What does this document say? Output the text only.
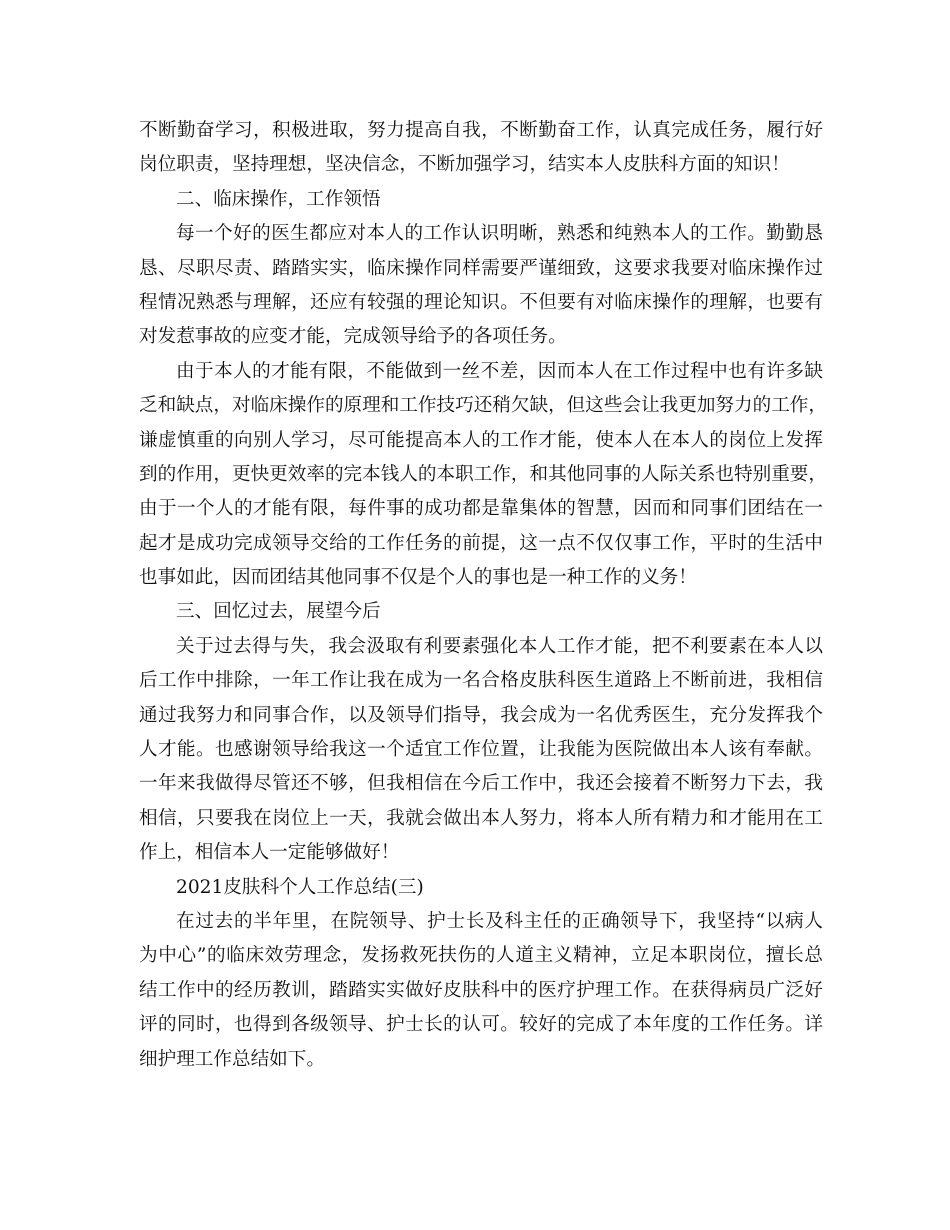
不断勤奋学习，积极进取，努力提高自我，不断勤奋工作，认真完成任务，履行好
岗位职责，坚持理想，坚决信念，不断加强学习，结实本人皮肤科方面的知识！
二、临床操作，工作领悟
每一个好的医生都应对本人的工作认识明晰，熟悉和纯熟本人的工作。勤勤恳
恳、尽职尽责、踏踏实实，临床操作同样需要严谨细致，这要求我要对临床操作过
程情况熟悉与理解，还应有较强的理论知识。不但要有对临床操作的理解，也要有
对发惹事故的应变才能，完成领导给予的各项任务。
由于本人的才能有限，不能做到一丝不差，因而本人在工作过程中也有许多缺
乏和缺点，对临床操作的原理和工作技巧还稍欠缺，但这些会让我更加努力的工作，
谦虚慎重的向别人学习，尽可能提高本人的工作才能，使本人在本人的岗位上发挥
到的作用，更快更效率的完本钱人的本职工作，和其他同事的人际关系也特别重要，
由于一个人的才能有限，每件事的成功都是靠集体的智慧，因而和同事们团结在一
起才是成功完成领导交给的工作任务的前提，这一点不仅仅事工作，平时的生活中
也事如此，因而团结其他同事不仅是个人的事也是一种工作的义务！
三、回忆过去，展望今后
关于过去得与失，我会汲取有利要素强化本人工作才能，把不利要素在本人以
后工作中排除，一年工作让我在成为一名合格皮肤科医生道路上不断前进，我相信
通过我努力和同事合作，以及领导们指导，我会成为一名优秀医生，充分发挥我个
人才能。也感谢领导给我这一个适宜工作位置，让我能为医院做出本人该有奉献。
一年来我做得尽管还不够，但我相信在今后工作中，我还会接着不断努力下去，我
相信，只要我在岗位上一天，我就会做出本人努力，将本人所有精力和才能用在工
作上，相信本人一定能够做好！
2021皮肤科个人工作总结(三)
在过去的半年里，在院领导、护士长及科主任的正确领导下，我坚持“以病人
为中心”的临床效劳理念，发扬救死扶伤的人道主义精神，立足本职岗位，擅长总
结工作中的经历教训，踏踏实实做好皮肤科中的医疗护理工作。在获得病员广泛好
评的同时，也得到各级领导、护士长的认可。较好的完成了本年度的工作任务。详
细护理工作总结如下。
